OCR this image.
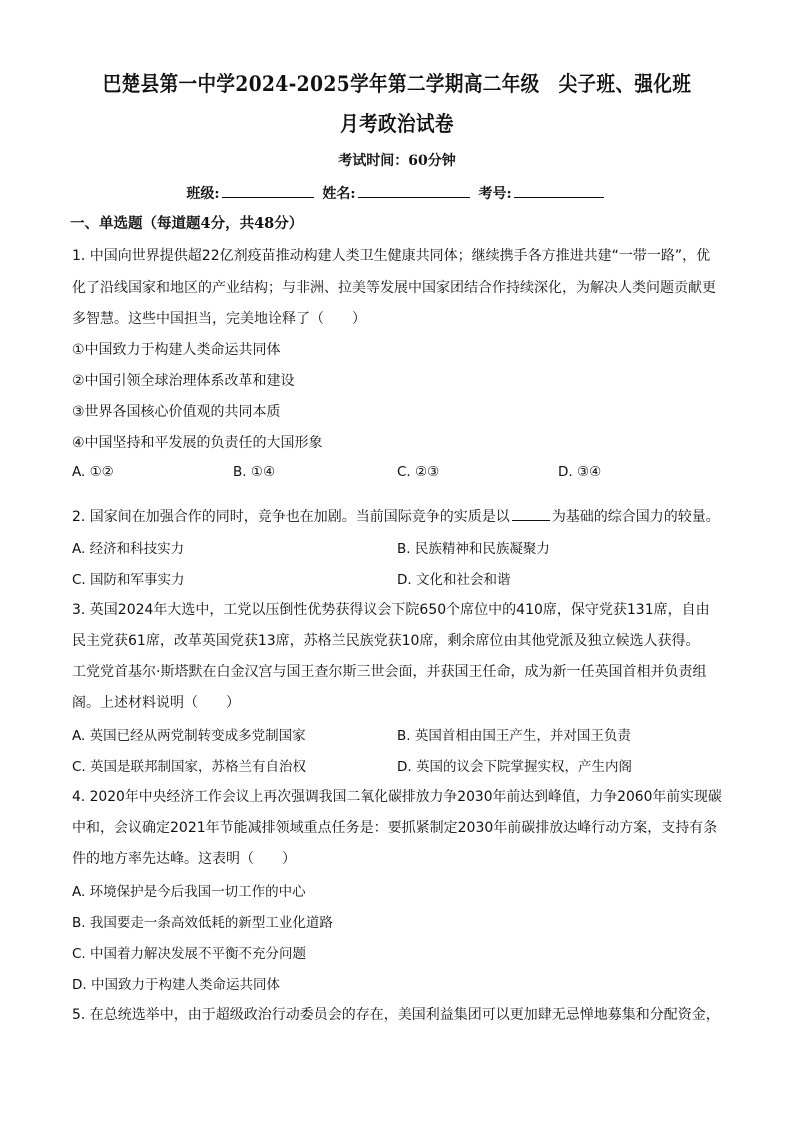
巴楚县第一中学2024-2025学年第二学期高二年级　尖子班、强化班
月考政治试卷
考试时间：60分钟
班级:	姓名:	考号:
一、单选题（每道题4分，共48分）
1. 中国向世界提供超22亿剂疫苗推动构建人类卫生健康共同体；继续携手各方推进共建“一带一路”，优
化了沿线国家和地区的产业结构；与非洲、拉美等发展中国家团结合作持续深化，为解决人类问题贡献更
多智慧。这些中国担当，完美地诠释了（　　）
①中国致力于构建人类命运共同体
②中国引领全球治理体系改革和建设
③世界各国核心价值观的共同本质
④中国坚持和平发展的负责任的大国形象
A. ①②	B. ①④	C. ②③	D. ③④
2. 国家间在加强合作的同时，竞争也在加剧。当前国际竞争的实质是以	为基础的综合国力的较量。
A. 经济和科技实力	B. 民族精神和民族凝聚力
C. 国防和军事实力	D. 文化和社会和谐
3. 英国2024年大选中，工党以压倒性优势获得议会下院650个席位中的410席，保守党获131席，自由
民主党获61席，改革英国党获13席，苏格兰民族党获10席，剩余席位由其他党派及独立候选人获得。
工党党首基尔·斯塔默在白金汉宫与国王查尔斯三世会面，并获国王任命，成为新一任英国首相并负责组
阁。上述材料说明（　　）
A. 英国已经从两党制转变成多党制国家	B. 英国首相由国王产生，并对国王负责
C. 英国是联邦制国家，苏格兰有自治权	D. 英国的议会下院掌握实权，产生内阁
4. 2020年中央经济工作会议上再次强调我国二氧化碳排放力争2030年前达到峰值，力争2060年前实现碳
中和，会议确定2021年节能减排领域重点任务是：要抓紧制定2030年前碳排放达峰行动方案，支持有条
件的地方率先达峰。这表明（　　）
A. 环境保护是今后我国一切工作的中心
B. 我国要走一条高效低耗的新型工业化道路
C. 中国着力解决发展不平衡不充分问题
D. 中国致力于构建人类命运共同体
5. 在总统选举中，由于超级政治行动委员会的存在，美国利益集团可以更加肆无忌惮地募集和分配资金，
